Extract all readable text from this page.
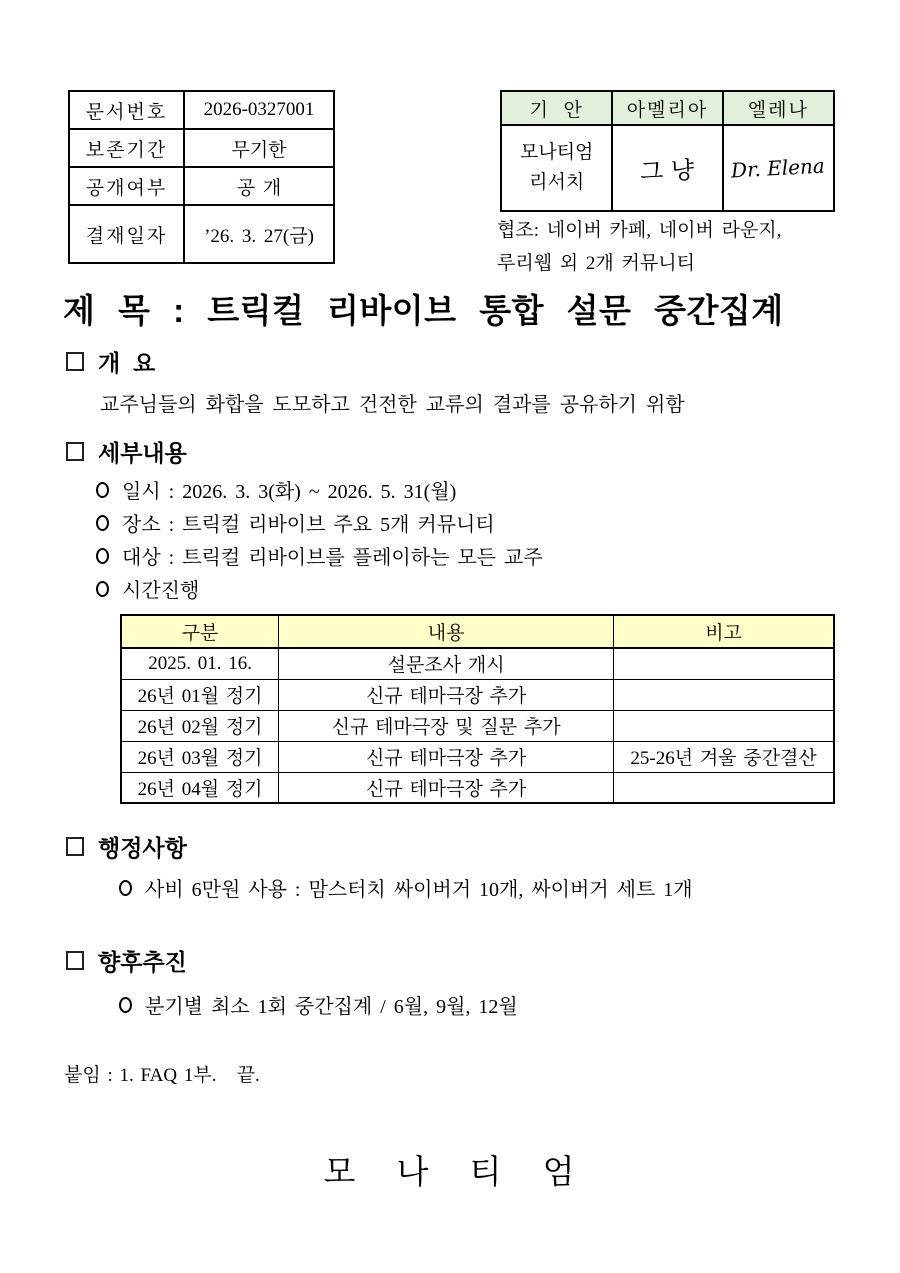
문서번호	2026-0327001
보존기간	무기한
공개여부	공 개
결재일자	’26. 3. 27(금)
기  안	아멜리아	엘레나

모나티엄
리서치	그 냥	Dr. Elena
협조: 네이버 카페, 네이버 라운지,
루리웹 외 2개 커뮤니티
제 목 : 트릭컬 리바이브 통합 설문 중간집계
개  요
교주님들의 화합을 도모하고 건전한 교류의 결과를 공유하기 위함
세부내용
일시 : 2026. 3. 3(화) ~ 2026. 5. 31(월)
장소 : 트릭컬 리바이브 주요 5개 커뮤니티
대상 : 트릭컬 리바이브를 플레이하는 모든 교주
시간진행
구분	내용	비고
2025. 01. 16.	설문조사 개시	
26년 01월 정기	신규 테마극장 추가	
26년 02월 정기	신규 테마극장 및 질문 추가	
26년 03월 정기	신규 테마극장 추가	25-26년 겨울 중간결산
26년 04월 정기	신규 테마극장 추가	
행정사항
사비 6만원 사용 : 맘스터치 싸이버거 10개, 싸이버거 세트 1개
향후추진
분기별 최소 1회 중간집계 / 6월, 9월, 12월
붙임 : 1. FAQ 1부.   끝.
모 나 티 엄
